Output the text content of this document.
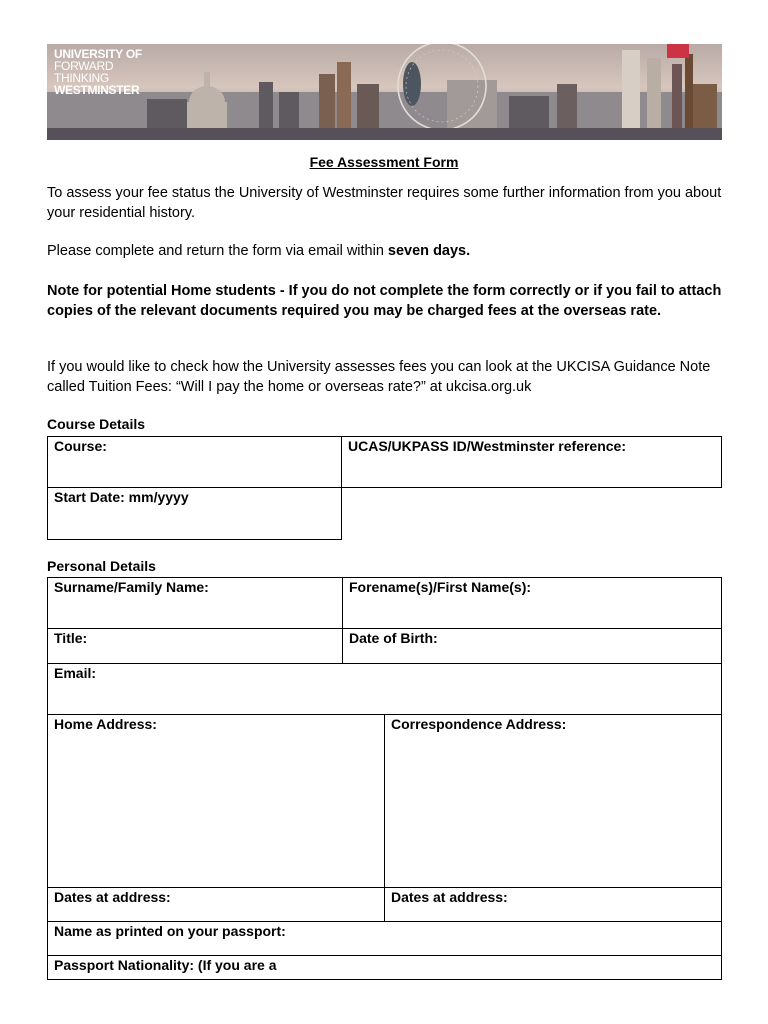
UNIVERSITY OF
FORWARD
THINKING
WESTMINSTER
Fee Assessment Form
To assess your fee status the University of Westminster requires some further information from you about your residential history.
Please complete and return the form via email within seven days.
Note for potential Home students - If you do not complete the form correctly or if you fail to attach copies of the relevant documents required you may be charged fees at the overseas rate.
If you would like to check how the University assesses fees you can look at the UKCISA Guidance Note called Tuition Fees: “Will I pay the home or overseas rate?” at ukcisa.org.uk
Course Details
Course:	UCAS/UKPASS ID/Westminster reference:
Start Date: mm/yyyy
Personal Details
Surname/Family Name:	Forename(s)/First Name(s):
Title:	Date of Birth:
Email:
Home Address:	Correspondence Address:
Dates at address:	Dates at address:
Name as printed on your passport:
Passport Nationality: (If you are a
